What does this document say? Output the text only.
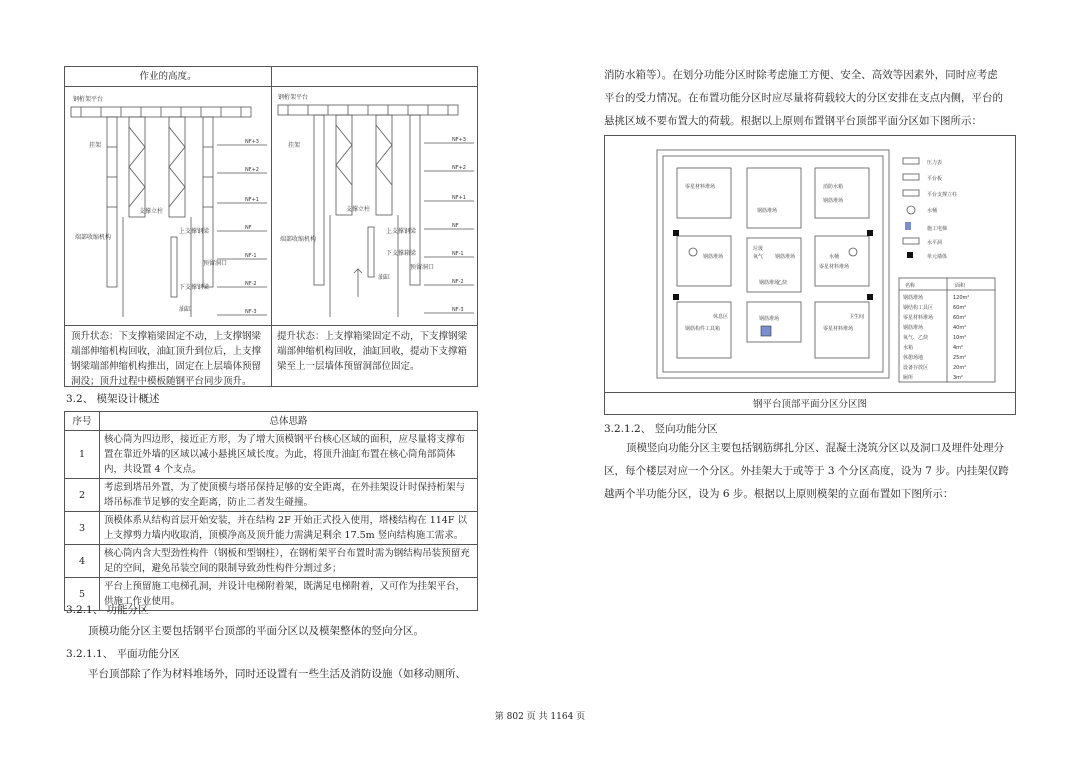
作业的高度。
钢桁架平台
NF+3
NF+2
NF+1
NF
NF-1
NF-2
NF-3
挂架
支撑立柱
端部收缩机构
上支撑钢梁
预留洞口
下支撑钢梁
油缸
钢桁架平台
NF+3
NF+2
NF+1
NF
NF-1
NF-2
NF-3
挂架
支撑立柱
端部收缩机构
上支撑钢梁
下支撑箱梁
预留洞口
油缸
顶升状态：下支撑箱梁固定不动，上支撑钢梁端部伸缩机构回收，油缸顶升到位后，上支撑钢梁端部伸缩机构推出，固定在上层墙体预留洞没；顶升过程中模板随钢平台同步顶升。
提升状态：上支撑箱梁固定不动，下支撑钢梁端部伸缩机构回收，油缸回收，提动下支撑箱梁至上一层墙体预留洞部位固定。
3.2、 模架设计概述
序号	总体思路
1	核心筒为四边形，接近正方形，为了增大顶模钢平台核心区域的面积，应尽量将支撑布置在靠近外墙的区域以减小悬挑区域长度。为此，将顶升油缸布置在核心筒角部筒体内，共设置 4 个支点。
2	考虑到塔吊外置，为了使顶模与塔吊保持足够的安全距离，在外挂架设计时保持桁架与塔吊标准节足够的安全距离，防止二者发生碰撞。
3	顶模体系从结构首层开始安装，并在结构 2F 开始正式投入使用，塔楼结构在 114F 以上支撑剪力墙内收取消，顶模净高及顶升能力需满足剩余 17.5m 竖向结构施工需求。
4	核心筒内含大型劲性构件（钢板和型钢柱），在钢桁架平台布置时需为钢结构吊装预留充足的空间，避免吊装空间的限制导致劲性构件分割过多；
5	平台上预留施工电梯孔洞，并设计电梯附着架，既满足电梯附着，又可作为挂架平台，供施工作业使用。
3.2.1、 功能分区
顶模功能分区主要包括钢平台顶部的平面分区以及模架整体的竖向分区。
3.2.1.1、 平面功能分区
平台顶部除了作为材料堆场外，同时还设置有一些生活及消防设施（如移动厕所、
消防水箱等）。在划分功能分区时除考虑施工方便、安全、高效等因素外，同时应考虑
平台的受力情况。在布置功能分区时应尽量将荷载较大的分区安排在支点内侧，平台的
悬挑区域不要布置大的荷载。根据以上原则布置钢平台顶部平面分区如下图所示：
零星材料堆场
钢筋堆场
消防水箱
钢筋堆场
钢筋堆场
零星材料堆场
垃圾
氧气 钢筋堆场
钢筋堆场
乙炔
水桶
钢筋堆场
钢筋构件工具箱	零星材料堆场
休息区	卫生间
压力表
平台板
平台支撑立柱
水桶
施工电梯
水平洞
单元墙体
名称	面积
钢筋堆场	120m²
钢结构工具区	60m²
零星材料堆场	60m²
钢筋堆场	40m²
氧气、乙炔	10m²
水箱	4m²
休憩场地	25m²
设备存放区	20m²
厕所	3m²
钢平台顶部平面分区分区图
3.2.1.2、 竖向功能分区
顶模竖向功能分区主要包括钢筋绑扎分区、混凝土浇筑分区以及洞口及埋件处理分
区，每个楼层对应一个分区。外挂架大于或等于 3 个分区高度，设为 7 步。内挂架仅跨
越两个半功能分区，设为 6 步。根据以上原则模架的立面布置如下图所示：
第 802 页 共 1164 页
